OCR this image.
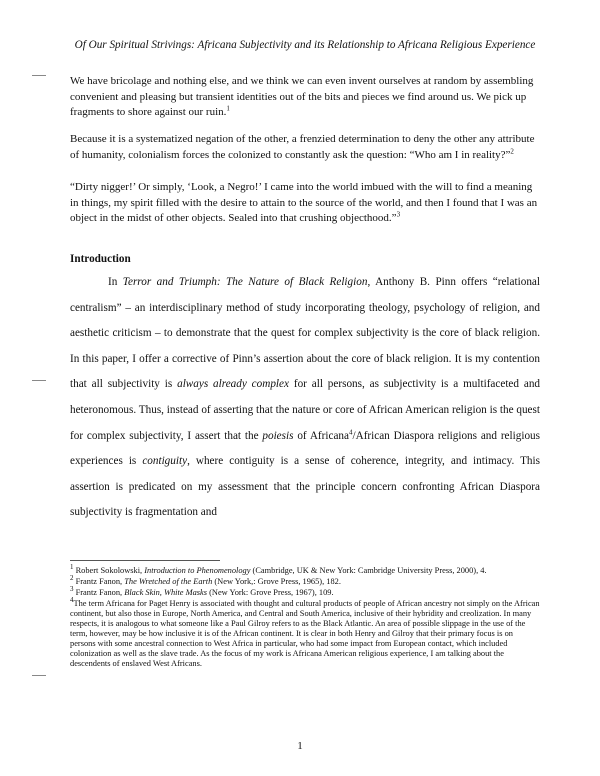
Of Our Spiritual Strivings: Africana Subjectivity and its Relationship to Africana Religious Experience
We have bricolage and nothing else, and we think we can even invent ourselves at random by assembling convenient and pleasing but transient identities out of the bits and pieces we find around us. We pick up fragments to shore against our ruin.$^1$
Because it is a systematized negation of the other, a frenzied determination to deny the other any attribute of humanity, colonialism forces the colonized to constantly ask the question: “Who am I in reality?”$^2$
“Dirty nigger!’ Or simply, ‘Look, a Negro!’ I came into the world imbued with the will to find a meaning in things, my spirit filled with the desire to attain to the source of the world, and then I found that I was an object in the midst of other objects. Sealed into that crushing objecthood.”$^3$
Introduction

In Terror and Triumph: The Nature of Black Religion, Anthony B. Pinn offers “relational centralism” – an interdisciplinary method of study incorporating theology, psychology of religion, and aesthetic criticism – to demonstrate that the quest for complex subjectivity is the core of black religion. In this paper, I offer a corrective of Pinn’s assertion about the core of black religion. It is my contention that all subjectivity is always already complex for all persons, as subjectivity is a multifaceted and heteronomous. Thus, instead of asserting that the nature or core of African American religion is the quest for complex subjectivity, I assert that the poiesis of Africana$^4$/African Diaspora religions and religious experiences is contiguity, where contiguity is a sense of coherence, integrity, and intimacy. This assertion is predicated on my assessment that the principle concern confronting African Diaspora subjectivity is fragmentation and

$^1$ Robert Sokolowski, Introduction to Phenomenology (Cambridge, UK & New York: Cambridge University Press, 2000), 4.

$^2$ Frantz Fanon, The Wretched of the Earth (New York,: Grove Press, 1965), 182.

$^3$ Frantz Fanon, Black Skin, White Masks (New York: Grove Press, 1967), 109.

$^4$The term Africana for Paget Henry is associated with thought and cultural products of people of African ancestry not simply on the African continent, but also those in Europe, North America, and Central and South America, inclusive of their hybridity and creolization. In many respects, it is analogous to what someone like a Paul Gilroy refers to as the Black Atlantic. An area of possible slippage in the use of the term, however, may be how inclusive it is of the African continent. It is clear in both Henry and Gilroy that their primary focus is on persons with some ancestral connection to West Africa in particular, who had some impact from European contact, which included colonization as well as the slave trade. As the focus of my work is Africana American religious experience, I am talking about the descendents of enslaved West Africans.

1
